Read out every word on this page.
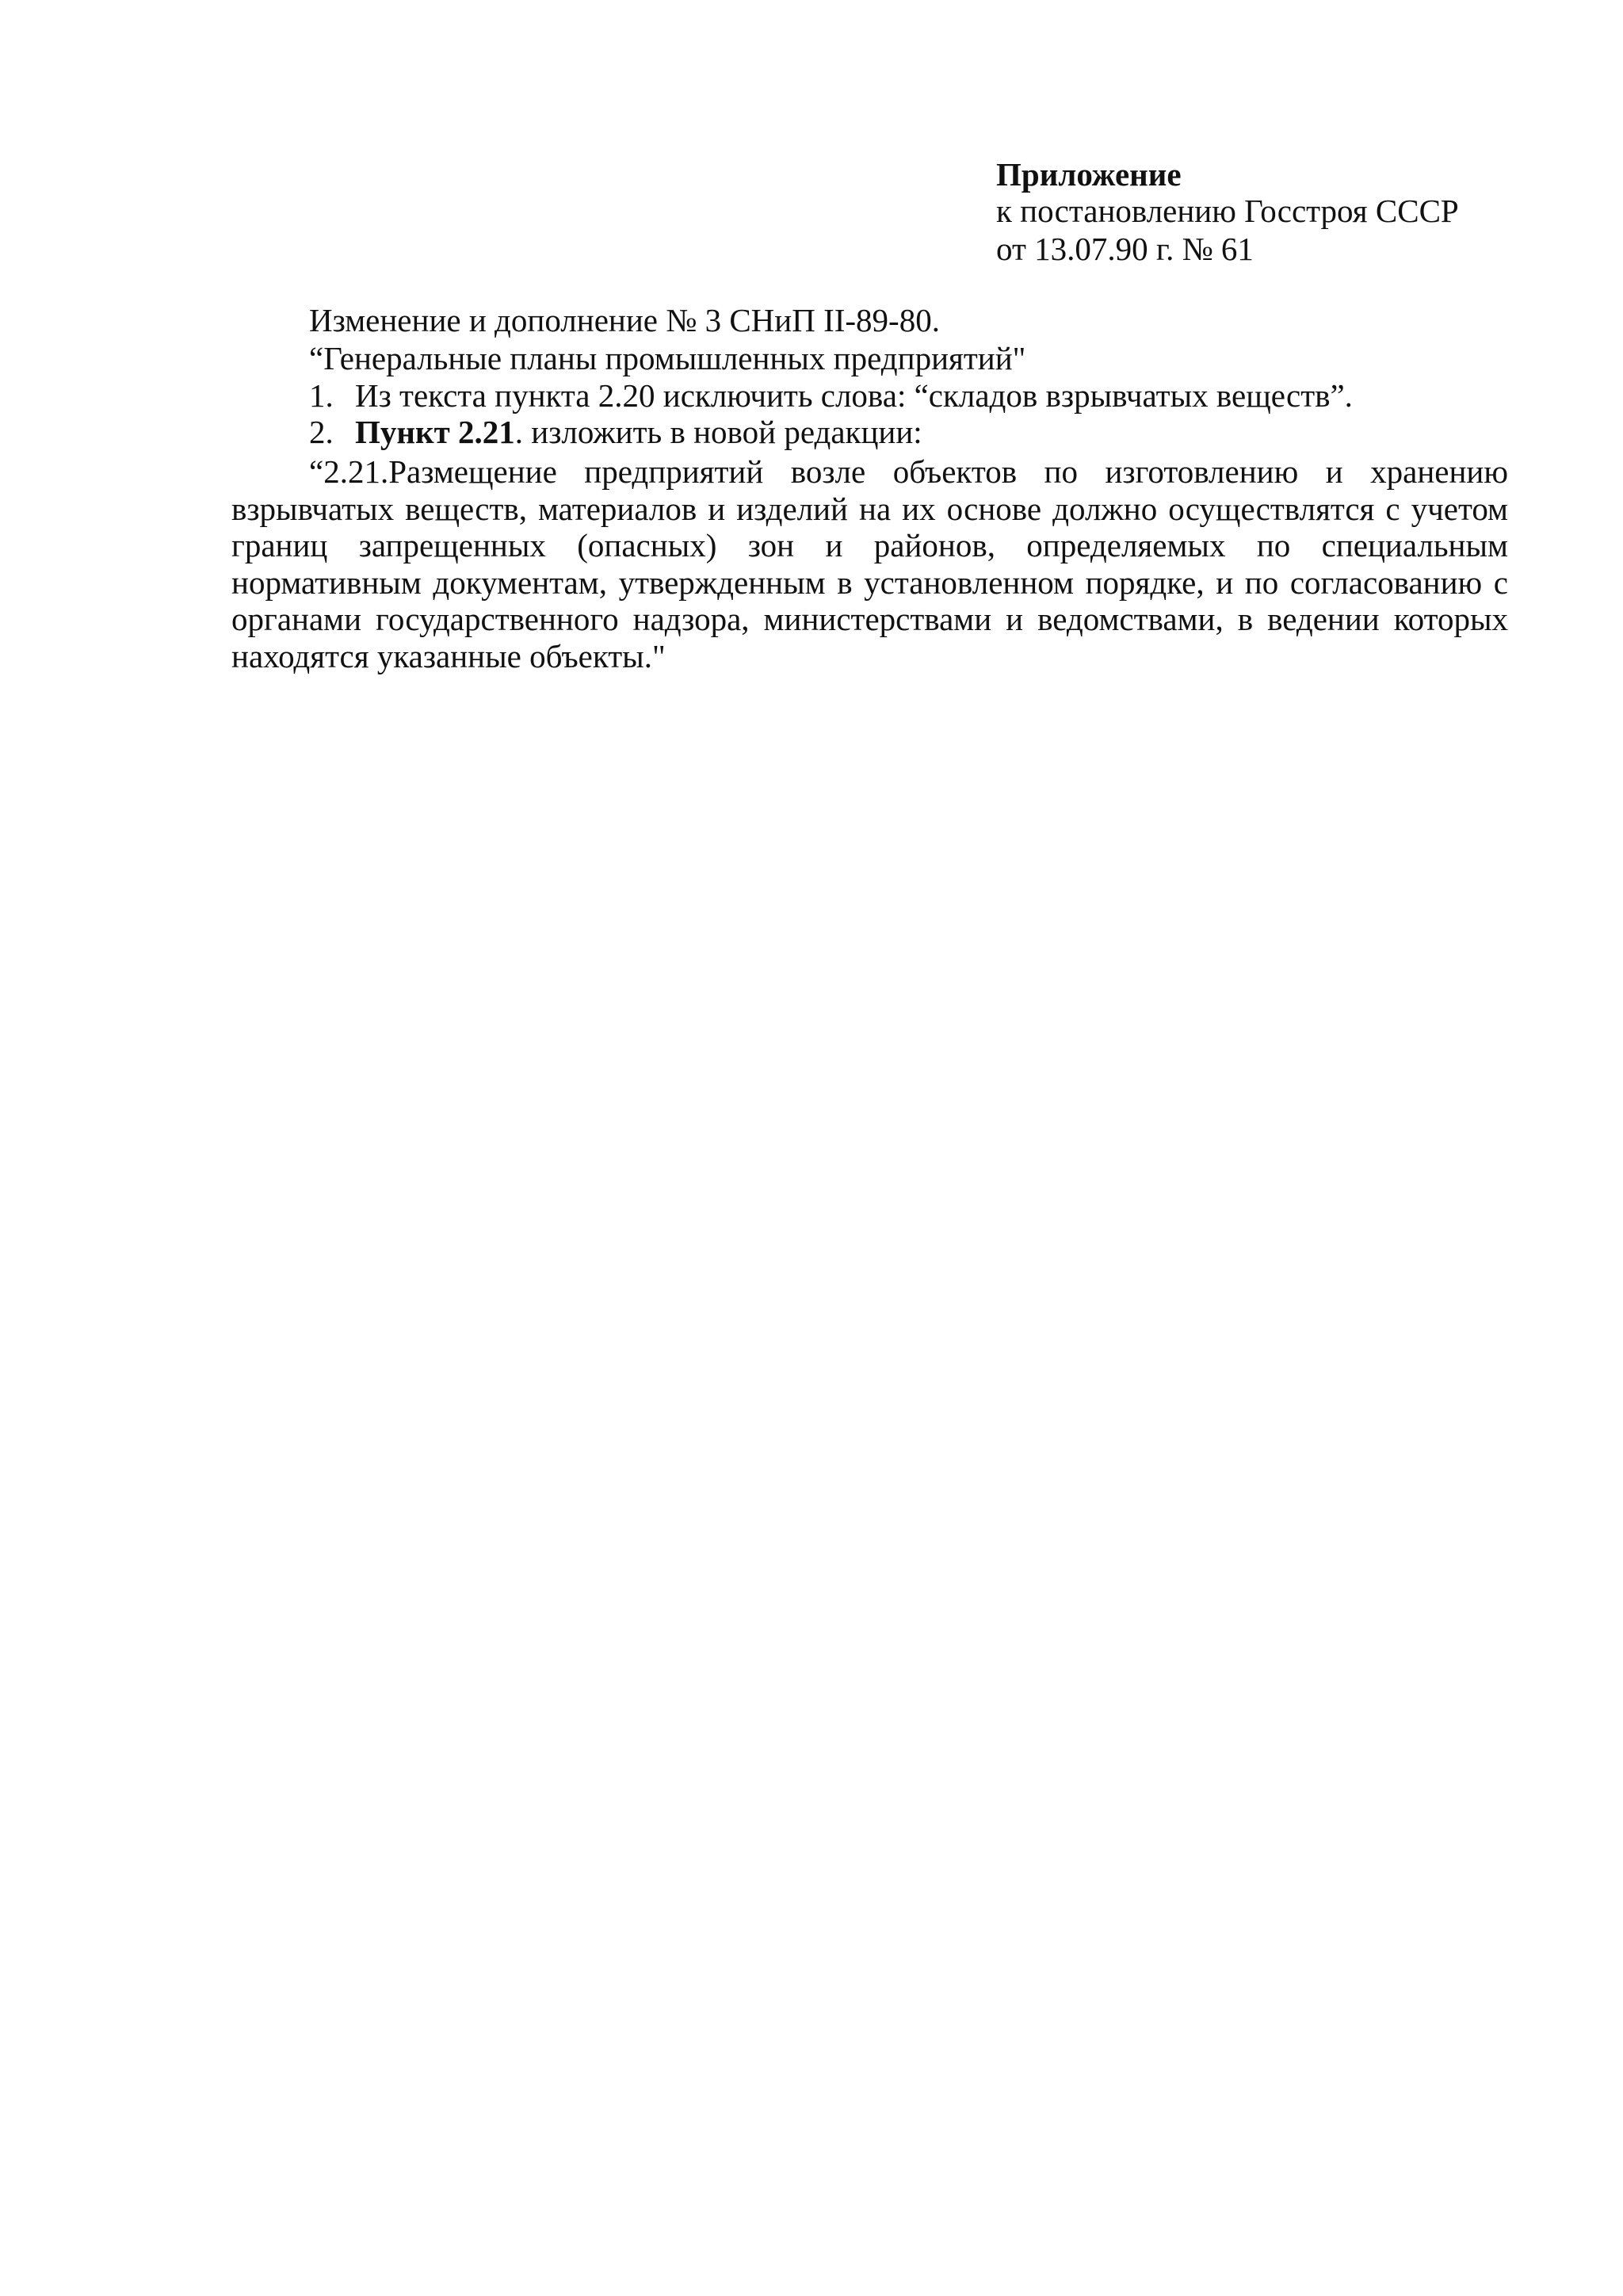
Приложение
к постановлению Госстроя СССР
от 13.07.90 г. № 61
Изменение и дополнение № 3 СНиП II-89-80.
“Генеральные планы промышленных предприятий"
1. Из текста пункта 2.20 исключить слова: “складов взрывчатых веществ”.
2. Пункт 2.21. изложить в новой редакции:

“2.21.Размещение предприятий возле объектов по изготовлению и хранению взрывчатых веществ, материалов и изделий на их основе должно осуществлятся с учетом границ запрещенных (опасных) зон и районов, определяемых по специальным нормативным документам, утвержденным в установленном порядке, и по согласованию с органами государственного надзора, министерствами и ведомствами, в ведении которых находятся указанные объекты."
